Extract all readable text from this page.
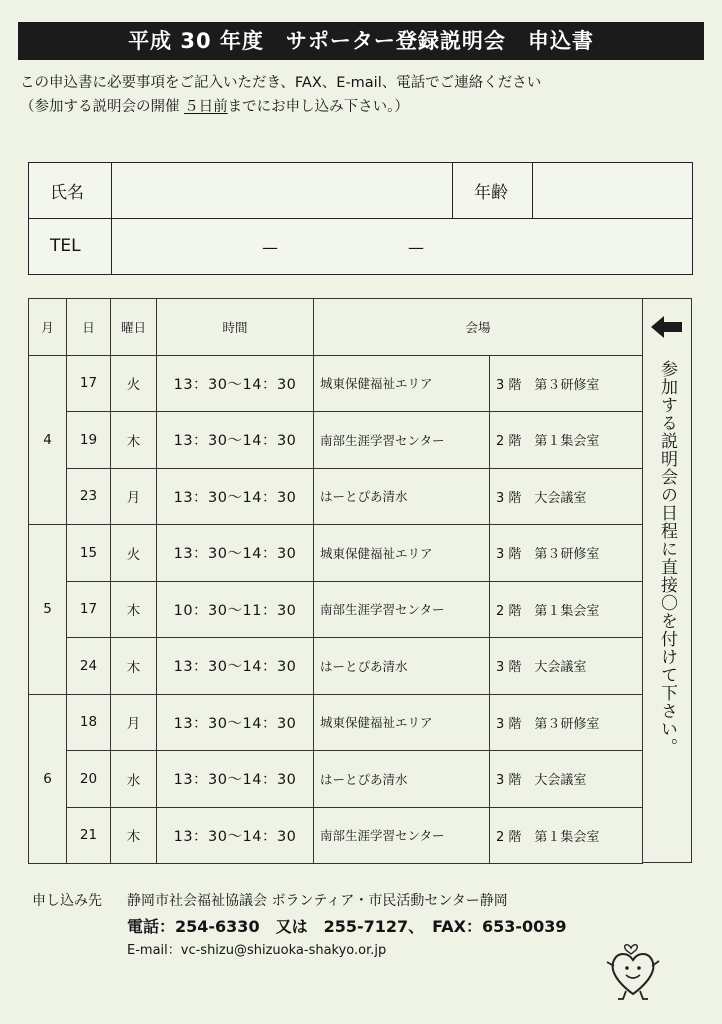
平成 30 年度　サポーター登録説明会　申込書
この申込書に必要事項をご記入いただき、FAX、E-mail、電話でご連絡ください
（参加する説明会の開催 ５日前までにお申し込み下さい。）
氏名	年齢
TEL	—	—
月	日	曜日	時間	会場	
4	17	火	13：30〜14：30	城東保健福祉エリア	3 階　第３研修室
	19	木	13：30〜14：30	南部生涯学習センター	2 階　第１集会室
	23	月	13：30〜14：30	はーとぴあ清水	3 階　大会議室
5	15	火	13：30〜14：30	城東保健福祉エリア	3 階　第３研修室
	17	木	10：30〜11：30	南部生涯学習センター	2 階　第１集会室
	24	木	13：30〜14：30	はーとぴあ清水	3 階　大会議室
6	18	月	13：30〜14：30	城東保健福祉エリア	3 階　第３研修室
	20	水	13：30〜14：30	はーとぴあ清水	3 階　大会議室
	21	木	13：30〜14：30	南部生涯学習センター	2 階　第１集会室
参加する説明会の日程に直接〇を付けて下さい。
申し込み先 静岡市社会福祉協議会 ボランティア・市民活動センター静岡
電話：254-6330　又は　255-7127、　FAX：653-0039
E-mail：vc-shizu@shizuoka-shakyo.or.jp
